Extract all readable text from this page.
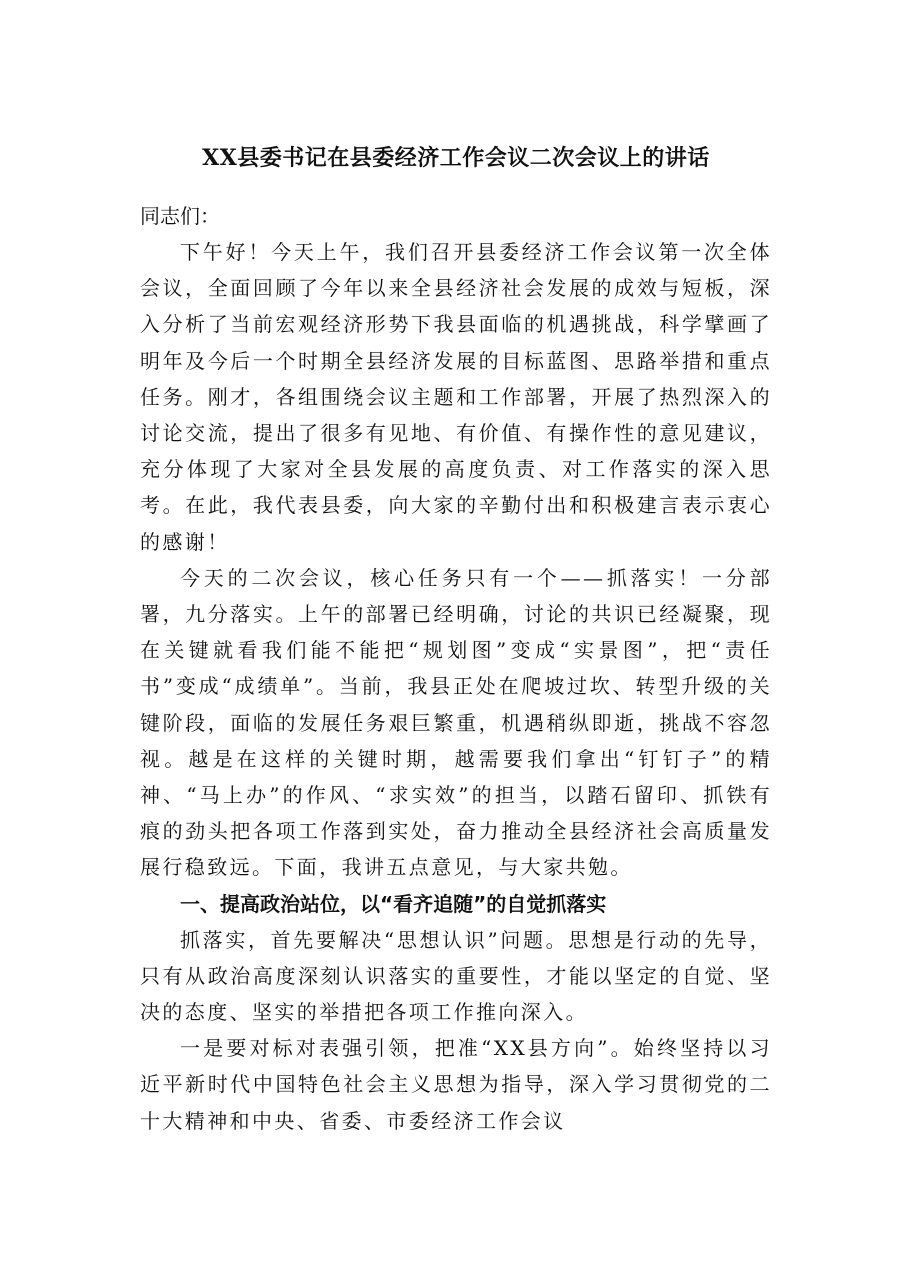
XX县委书记在县委经济工作会议二次会议上的讲话

同志们：

下午好！今天上午，我们召开县委经济工作会议第一次全体会议，全面回顾了今年以来全县经济社会发展的成效与短板，深入分析了当前宏观经济形势下我县面临的机遇挑战，科学擘画了明年及今后一个时期全县经济发展的目标蓝图、思路举措和重点任务。刚才，各组围绕会议主题和工作部署，开展了热烈深入的讨论交流，提出了很多有见地、有价值、有操作性的意见建议，充分体现了大家对全县发展的高度负责、对工作落实的深入思考。在此，我代表县委，向大家的辛勤付出和积极建言表示衷心的感谢！

今天的二次会议，核心任务只有一个——抓落实！一分部署，九分落实。上午的部署已经明确，讨论的共识已经凝聚，现在关键就看我们能不能把“规划图”变成“实景图”，把“责任书”变成“成绩单”。当前，我县正处在爬坡过坎、转型升级的关键阶段，面临的发展任务艰巨繁重，机遇稍纵即逝，挑战不容忽视。越是在这样的关键时期，越需要我们拿出“钉钉子”的精神、“马上办”的作风、“求实效”的担当，以踏石留印、抓铁有痕的劲头把各项工作落到实处，奋力推动全县经济社会高质量发展行稳致远。下面，我讲五点意见，与大家共勉。

一、提高政治站位，以“看齐追随”的自觉抓落实

抓落实，首先要解决“思想认识”问题。思想是行动的先导，只有从政治高度深刻认识落实的重要性，才能以坚定的自觉、坚决的态度、坚实的举措把各项工作推向深入。

一是要对标对表强引领，把准“XX县方向”。始终坚持以习近平新时代中国特色社会主义思想为指导，深入学习贯彻党的二十大精神和中央、省委、市委经济工作会议
